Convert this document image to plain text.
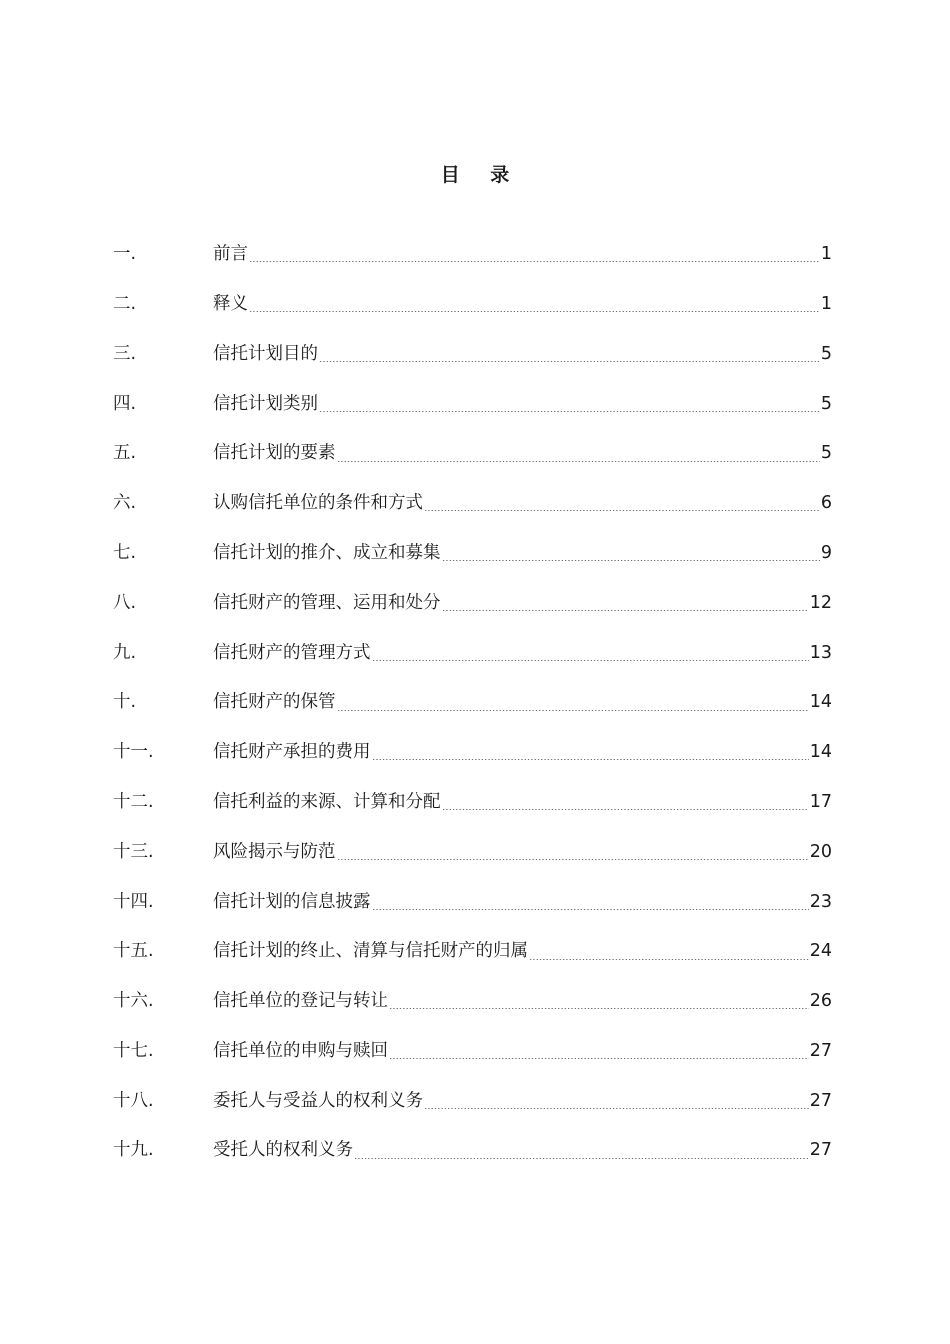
目 录
一.	前言	1
二.	释义	1
三.	信托计划目的	5
四.	信托计划类别	5
五.	信托计划的要素	5
六.	认购信托单位的条件和方式	6
七.	信托计划的推介、成立和募集	9
八.	信托财产的管理、运用和处分	12
九.	信托财产的管理方式	13
十.	信托财产的保管	14
十一.	信托财产承担的费用	14
十二.	信托利益的来源、计算和分配	17
十三.	风险揭示与防范	20
十四.	信托计划的信息披露	23
十五.	信托计划的终止、清算与信托财产的归属	24
十六.	信托单位的登记与转让	26
十七.	信托单位的申购与赎回	27
十八.	委托人与受益人的权利义务	27
十九.	受托人的权利义务	27
